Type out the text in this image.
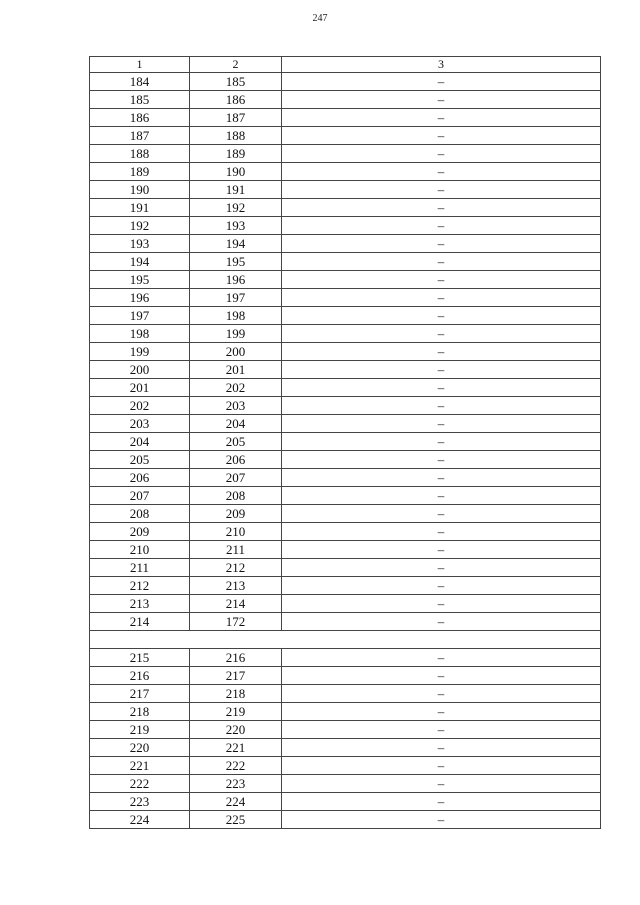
247
1	2	3
184	185	–
185	186	–
186	187	–
187	188	–
188	189	–
189	190	–
190	191	–
191	192	–
192	193	–
193	194	–
194	195	–
195	196	–
196	197	–
197	198	–
198	199	–
199	200	–
200	201	–
201	202	–
202	203	–
203	204	–
204	205	–
205	206	–
206	207	–
207	208	–
208	209	–
209	210	–
210	211	–
211	212	–
212	213	–
213	214	–
214	172	–

215	216	–
216	217	–
217	218	–
218	219	–
219	220	–
220	221	–
221	222	–
222	223	–
223	224	–
224	225	–
